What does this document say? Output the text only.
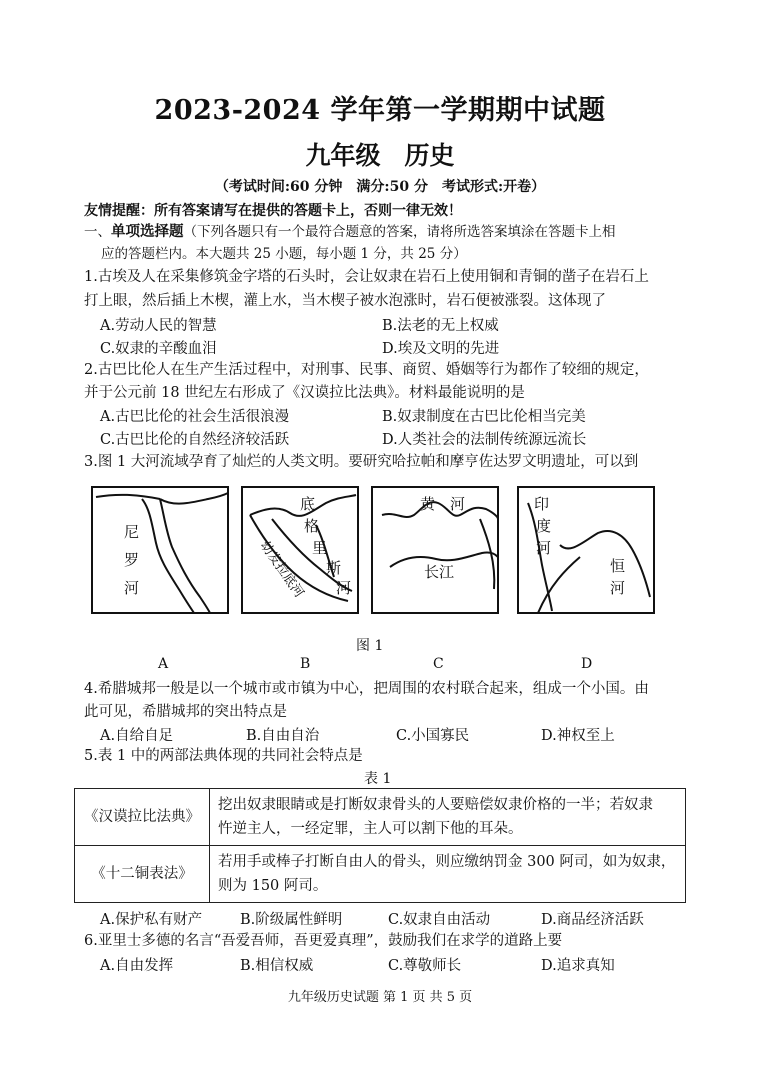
2023-2024 学年第一学期期中试题
九年级 历史
（考试时间:60 分钟　满分:50 分　考试形式:开卷）
友情提醒：所有答案请写在提供的答题卡上，否则一律无效！
一、单项选择题（下列各题只有一个最符合题意的答案，请将所选答案填涂在答题卡上相
应的答题栏内。本大题共 25 小题，每小题 1 分，共 25 分）
1.古埃及人在采集修筑金字塔的石头时，会让奴隶在岩石上使用铜和青铜的凿子在岩石上
打上眼，然后插上木楔，灌上水，当木楔子被水泡涨时，岩石便被涨裂。这体现了
A.劳动人民的智慧	B.法老的无上权威
C.奴隶的辛酸血泪	D.埃及文明的先进
2.古巴比伦人在生产生活过程中，对刑事、民事、商贸、婚姻等行为都作了较细的规定，
并于公元前 18 世纪左右形成了《汉谟拉比法典》。材料最能说明的是
A.古巴比伦的社会生活很浪漫	B.奴隶制度在古巴比伦相当完美
C.古巴比伦的自然经济较活跃	D.人类社会的法制传统源远流长
3.图 1 大河流域孕育了灿烂的人类文明。要研究哈拉帕和摩亨佐达罗文明遗址，可以到
尼
罗
河
底
格
里
斯
河
幼发拉底河
黄 河
长江
印
度
河
恒
河
图 1
A	B	C	D
4.希腊城邦一般是以一个城市或市镇为中心，把周围的农村联合起来，组成一个小国。由
此可见，希腊城邦的突出特点是
A.自给自足	B.自由自治	C.小国寡民	D.神权至上
5.表 1 中的两部法典体现的共同社会特点是
表 1
《汉谟拉比法典》	挖出奴隶眼睛或是打断奴隶骨头的人要赔偿奴隶价格的一半；若奴隶
忤逆主人，一经定罪，主人可以割下他的耳朵。

《十二铜表法》	若用手或棒子打断自由人的骨头，则应缴纳罚金 300 阿司，如为奴隶，
则为 150 阿司。
A.保护私有财产	B.阶级属性鲜明	C.奴隶自由活动	D.商品经济活跃
6.亚里士多德的名言“吾爱吾师，吾更爱真理”，鼓励我们在求学的道路上要
A.自由发挥	B.相信权威	C.尊敬师长	D.追求真知
九年级历史试题 第 1 页 共 5 页
